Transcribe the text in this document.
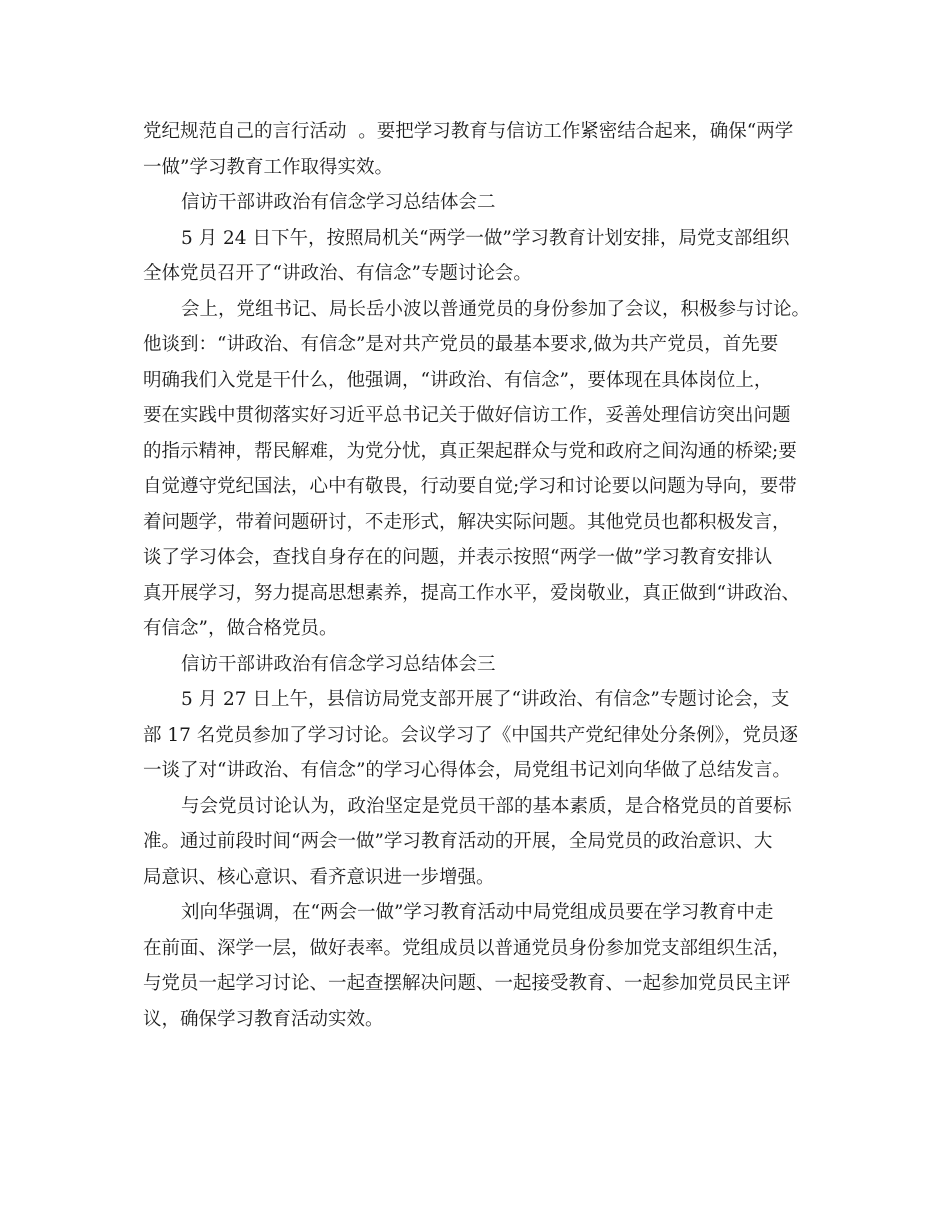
党纪规范自己的言行活动  。要把学习教育与信访工作紧密结合起来，确保“两学
一做”学习教育工作取得实效。
信访干部讲政治有信念学习总结体会二
5 月 24 日下午，按照局机关“两学一做”学习教育计划安排，局党支部组织
全体党员召开了“讲政治、有信念”专题讨论会。
会上，党组书记、局长岳小波以普通党员的身份参加了会议，积极参与讨论。
他谈到：“讲政治、有信念”是对共产党员的最基本要求,做为共产党员，首先要
明确我们入党是干什么，他强调，“讲政治、有信念”，要体现在具体岗位上，
要在实践中贯彻落实好习近平总书记关于做好信访工作，妥善处理信访突出问题
的指示精神，帮民解难，为党分忧，真正架起群众与党和政府之间沟通的桥梁;要
自觉遵守党纪国法，心中有敬畏，行动要自觉;学习和讨论要以问题为导向，要带
着问题学，带着问题研讨，不走形式，解决实际问题。其他党员也都积极发言，
谈了学习体会，查找自身存在的问题，并表示按照“两学一做”学习教育安排认
真开展学习，努力提高思想素养，提高工作水平，爱岗敬业，真正做到“讲政治、
有信念”，做合格党员。
信访干部讲政治有信念学习总结体会三
5 月 27 日上午，县信访局党支部开展了“讲政治、有信念”专题讨论会，支
部 17 名党员参加了学习讨论。会议学习了《中国共产党纪律处分条例》，党员逐
一谈了对“讲政治、有信念”的学习心得体会，局党组书记刘向华做了总结发言。
与会党员讨论认为，政治坚定是党员干部的基本素质，是合格党员的首要标
准。通过前段时间“两会一做”学习教育活动的开展，全局党员的政治意识、大
局意识、核心意识、看齐意识进一步增强。
刘向华强调，在“两会一做”学习教育活动中局党组成员要在学习教育中走
在前面、深学一层，做好表率。党组成员以普通党员身份参加党支部组织生活，
与党员一起学习讨论、一起查摆解决问题、一起接受教育、一起参加党员民主评
议，确保学习教育活动实效。
